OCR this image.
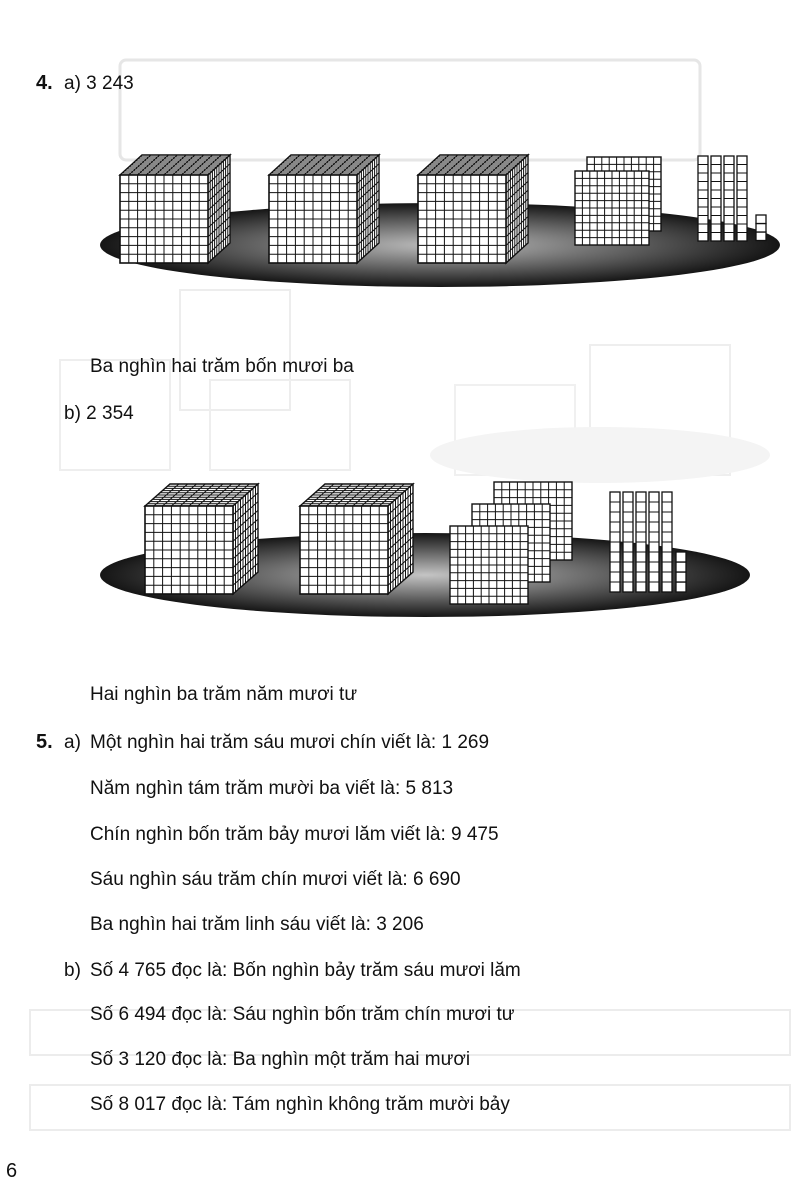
4. a) 3 243
Ba nghìn hai trăm bốn mươi ba
b) 2 354
Hai nghìn ba trăm năm mươi tư
5. a) Một nghìn hai trăm sáu mươi chín viết là: 1 269
Năm nghìn tám trăm mười ba viết là: 5 813
Chín nghìn bốn trăm bảy mươi lăm viết là: 9 475
Sáu nghìn sáu trăm chín mươi viết là: 6 690
Ba nghìn hai trăm linh sáu viết là: 3 206
b) Số 4 765 đọc là: Bốn nghìn bảy trăm sáu mươi lăm
Số 6 494 đọc là: Sáu nghìn bốn trăm chín mươi tư
Số 3 120 đọc là: Ba nghìn một trăm hai mươi
Số 8 017 đọc là: Tám nghìn không trăm mười bảy
6
